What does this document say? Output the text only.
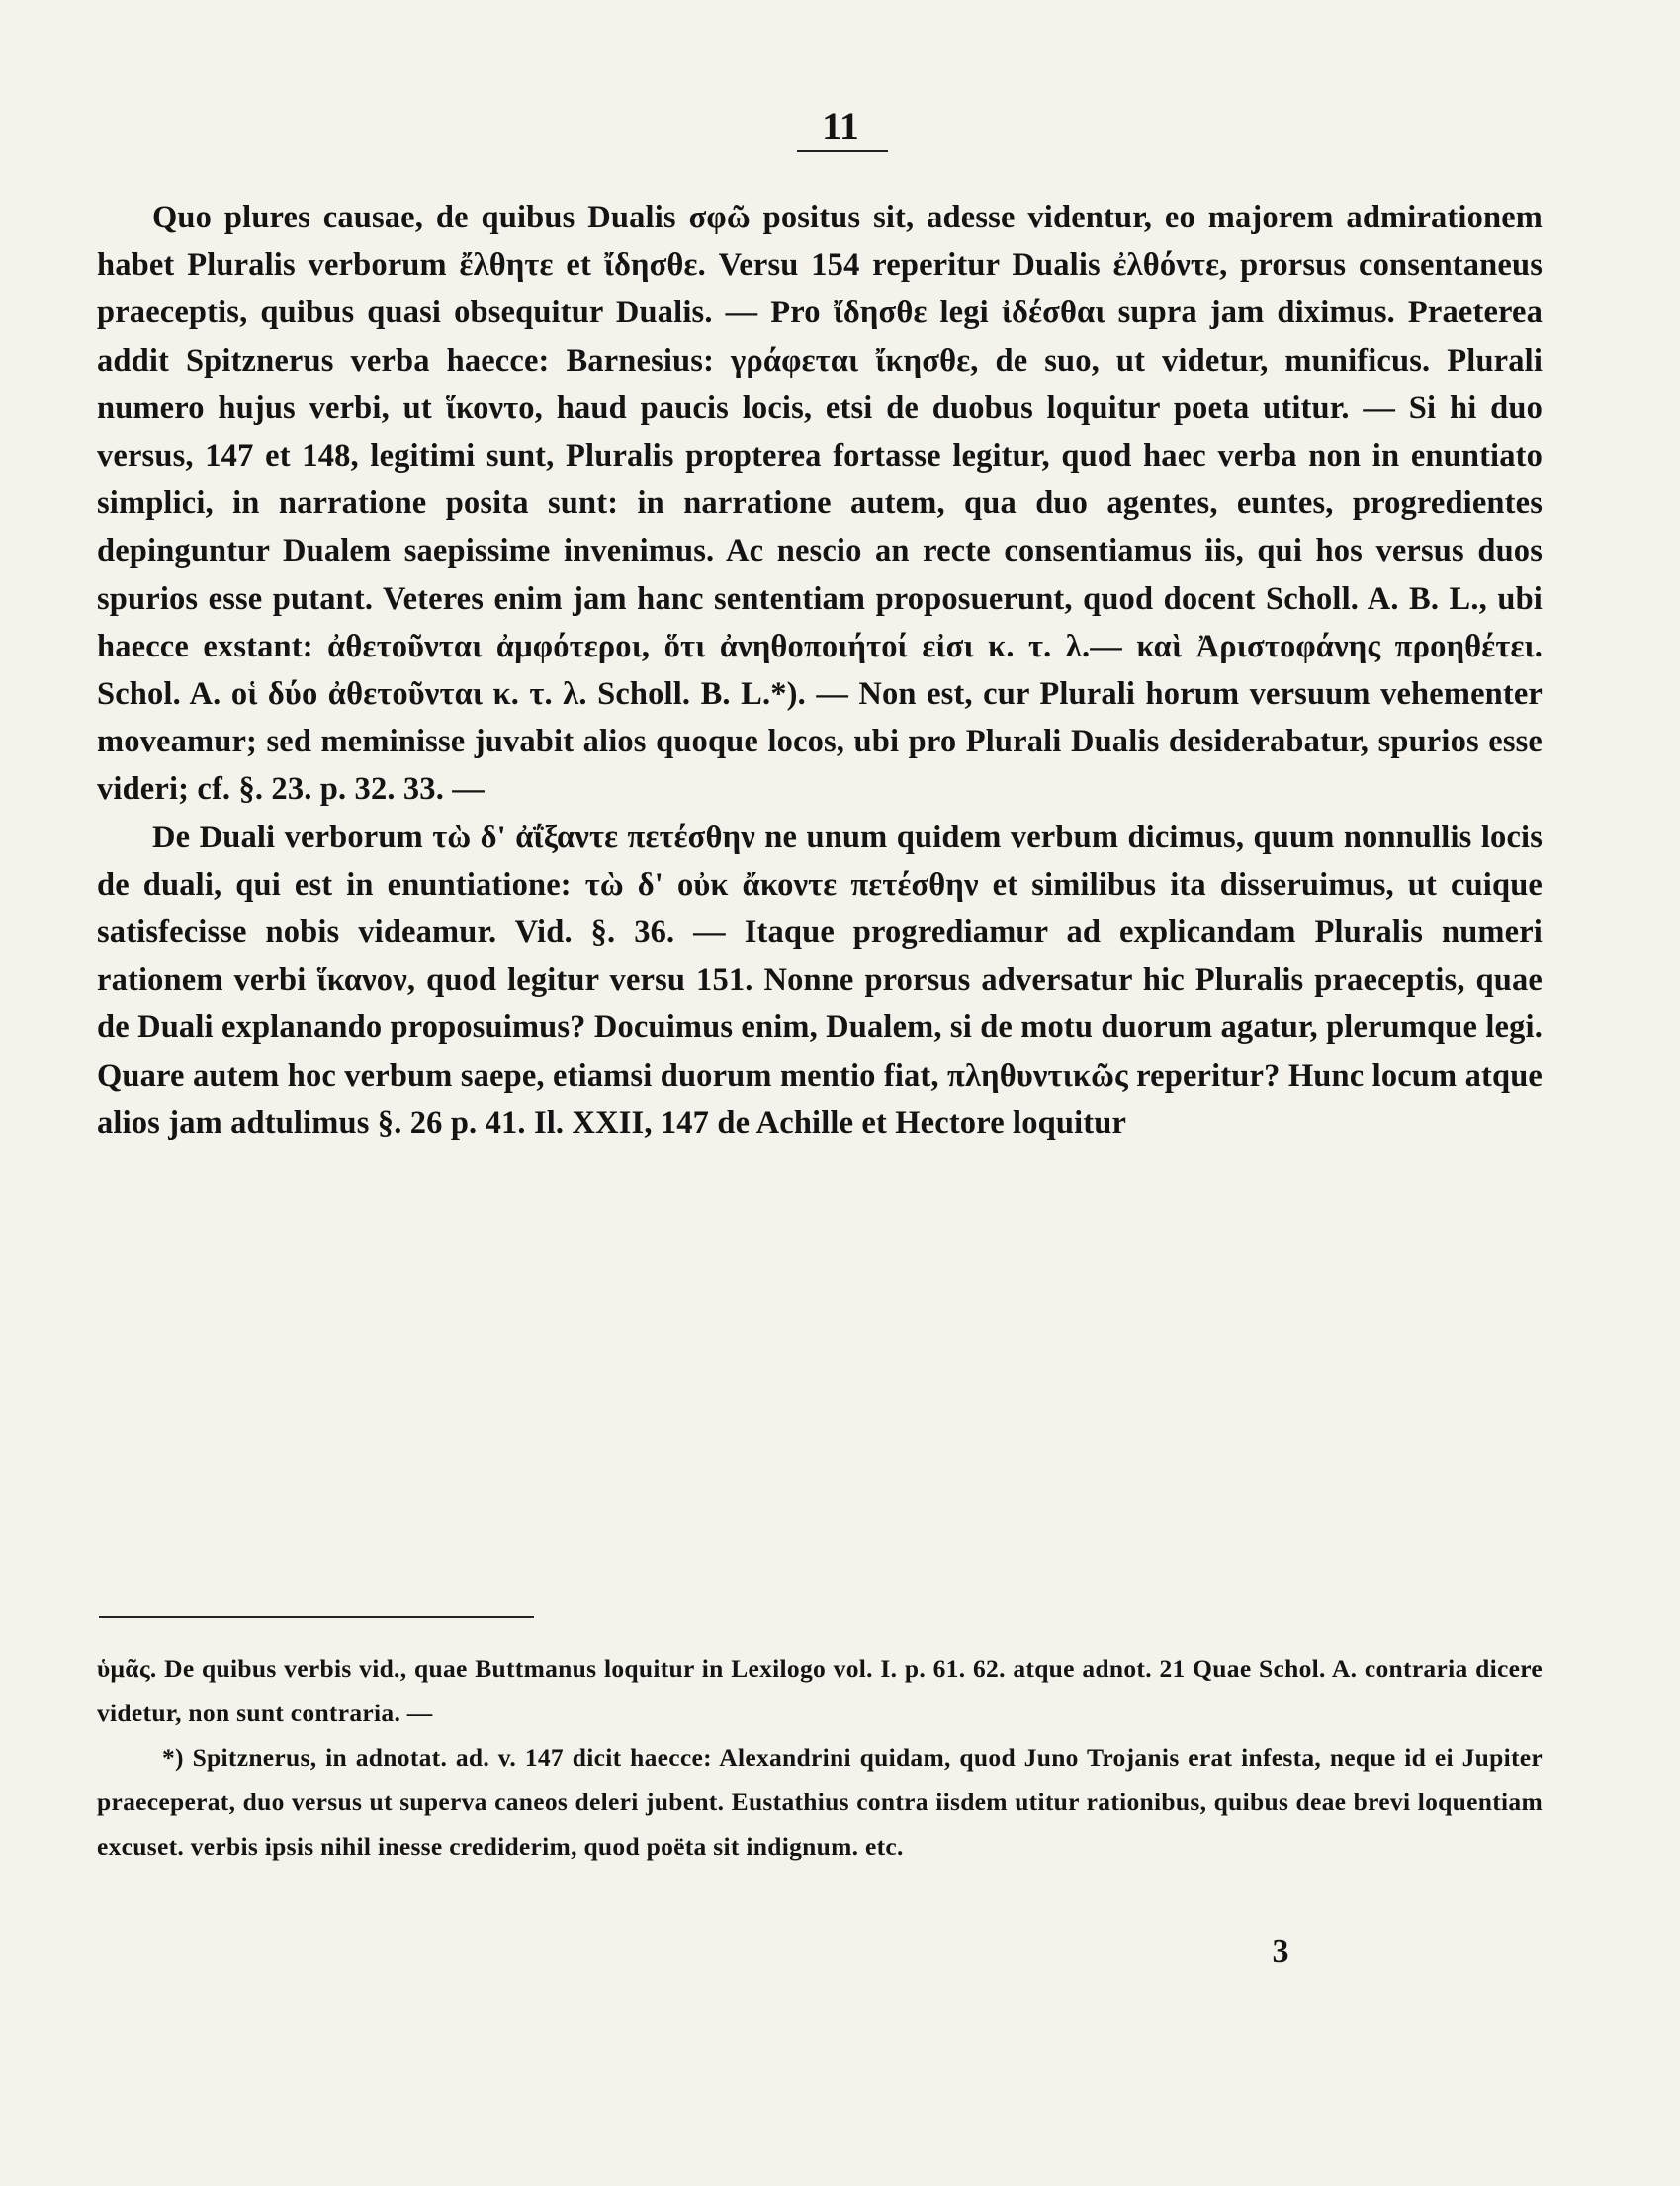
11

Quo plures causae, de quibus Dualis σφῶ positus sit, adesse videntur, eo majorem admirationem habet Pluralis verborum ἔλθητε et ἴδησθε. Versu 154 reperitur Dualis ἐλθόντε, prorsus consentaneus praeceptis, quibus quasi obsequitur Dualis. — Pro ἴδησθε legi ἰδέσθαι supra jam diximus. Praeterea addit Spitznerus verba haecce: Barnesius: γράφεται ἴκησθε, de suo, ut videtur, munificus. Plurali numero hujus verbi, ut ἵκοντο, haud paucis locis, etsi de duobus loquitur poeta utitur. — Si hi duo versus, 147 et 148, legitimi sunt, Pluralis propterea fortasse legitur, quod haec verba non in enuntiato simplici, in narratione posita sunt: in narratione autem, qua duo agentes, euntes, progredientes depinguntur Dualem saepissime invenimus. Ac nescio an recte consentiamus iis, qui hos versus duos spurios esse putant. Veteres enim jam hanc sententiam proposuerunt, quod docent Scholl. A. B. L., ubi haecce exstant: ἀθετοῦνται ἀμφότεροι, ὅτι ἀνηθοποιήτοί εἰσι κ. τ. λ.— καὶ Ἀριστοφάνης προηθέτει. Schol. A. οἱ δύο ἀθετοῦνται κ. τ. λ. Scholl. B. L.*). — Non est, cur Plurali horum versuum vehementer moveamur; sed meminisse juvabit alios quoque locos, ubi pro Plurali Dualis desiderabatur, spurios esse videri; cf. §. 23. p. 32. 33. —

De Duali verborum τὼ δ' ἀΐξαντε πετέσθην ne unum quidem verbum dicimus, quum nonnullis locis de duali, qui est in enuntiatione: τὼ δ' οὐκ ἄκοντε πετέσθην et similibus ita disseruimus, ut cuique satisfecisse nobis videamur. Vid. §. 36. — Itaque progrediamur ad explicandam Pluralis numeri rationem verbi ἵκανον, quod legitur versu 151. Nonne prorsus adversatur hic Pluralis praeceptis, quae de Duali explanando proposuimus? Docuimus enim, Dualem, si de motu duorum agatur, plerumque legi. Quare autem hoc verbum saepe, etiamsi duorum mentio fiat, πληθυντικῶς reperitur? Hunc locum atque alios jam adtulimus §. 26 p. 41. Il. XXII, 147 de Achille et Hectore loquitur

ὑμᾶς. De quibus verbis vid., quae Buttmanus loquitur in Lexilogo vol. I. p. 61. 62. atque adnot. 21 Quae Schol. A. contraria dicere videtur, non sunt contraria. —

*) Spitznerus, in adnotat. ad. v. 147 dicit haecce: Alexandrini quidam, quod Juno Trojanis erat infesta, neque id ei Jupiter praeceperat, duo versus ut superva caneos deleri jubent. Eustathius contra iisdem utitur rationibus, quibus deae brevi loquentiam excuset. verbis ipsis nihil inesse crediderim, quod poëta sit indignum. etc.

3
